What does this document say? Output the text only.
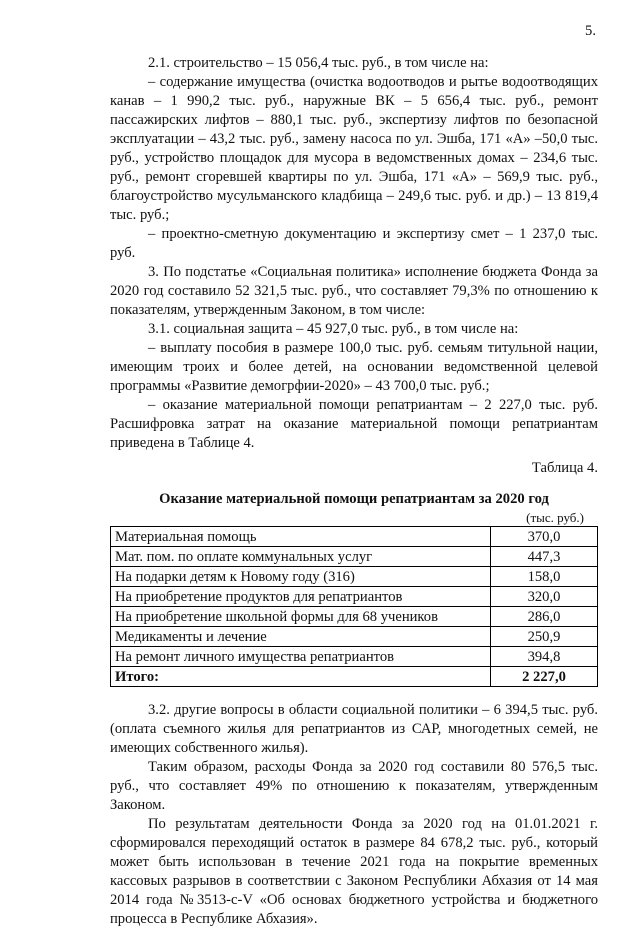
5.

2.1. строительство – 15 056,4 тыс. руб., в том числе на:

– содержание имущества (очистка водоотводов и рытье водоотводящих канав – 1 990,2 тыс. руб., наружные ВК – 5 656,4 тыс. руб., ремонт пассажирских лифтов – 880,1 тыс. руб., экспертизу лифтов по безопасной эксплуатации – 43,2 тыс. руб., замену насоса по ул. Эшба, 171 «А» –50,0 тыс. руб., устройство площадок для мусора в ведомственных домах – 234,6 тыс. руб., ремонт сгоревшей квартиры по ул. Эшба, 171 «А» – 569,9 тыс. руб., благоустройство мусульманского кладбища – 249,6 тыс. руб. и др.) – 13 819,4 тыс. руб.;

– проектно-сметную документацию и экспертизу смет – 1 237,0 тыс. руб.

3. По подстатье «Социальная политика» исполнение бюджета Фонда за 2020 год составило 52 321,5 тыс. руб., что составляет 79,3% по отношению к показателям, утвержденным Законом, в том числе:

3.1. социальная защита – 45 927,0 тыс. руб., в том числе на:

– выплату пособия в размере 100,0 тыс. руб. семьям титульной нации, имеющим троих и более детей, на основании ведомственной целевой программы «Развитие демогрфии-2020» – 43 700,0 тыс. руб.;

– оказание материальной помощи репатриантам – 2 227,0 тыс. руб. Расшифровка затрат на оказание материальной помощи репатриантам приведена в Таблице 4.

Таблица 4.

Оказание материальной помощи репатриантам за 2020 год

(тыс. руб.)
Материальная помощь	370,0
Мат. пом. по оплате коммунальных услуг	447,3
На подарки детям к Новому году (316)	158,0
На приобретение продуктов для репатриантов	320,0
На приобретение школьной формы для 68 учеников	286,0
Медикаменты и лечение	250,9
На ремонт личного имущества репатриантов	394,8
Итого:	2 227,0

3.2. другие вопросы в области социальной политики – 6 394,5 тыс. руб. (оплата съемного жилья для репатриантов из САР, многодетных семей, не имеющих собственного жилья).

Таким образом, расходы Фонда за 2020 год составили 80 576,5 тыс. руб., что составляет 49% по отношению к показателям, утвержденным Законом.

По результатам деятельности Фонда за 2020 год на 01.01.2021 г. сформировался переходящий остаток в размере 84 678,2 тыс. руб., который может быть использован в течение 2021 года на покрытие временных кассовых разрывов в соответствии с Законом Республики Абхазия от 14 мая 2014 года №3513-с-V «Об основах бюджетного устройства и бюджетного процесса в Республике Абхазия».
